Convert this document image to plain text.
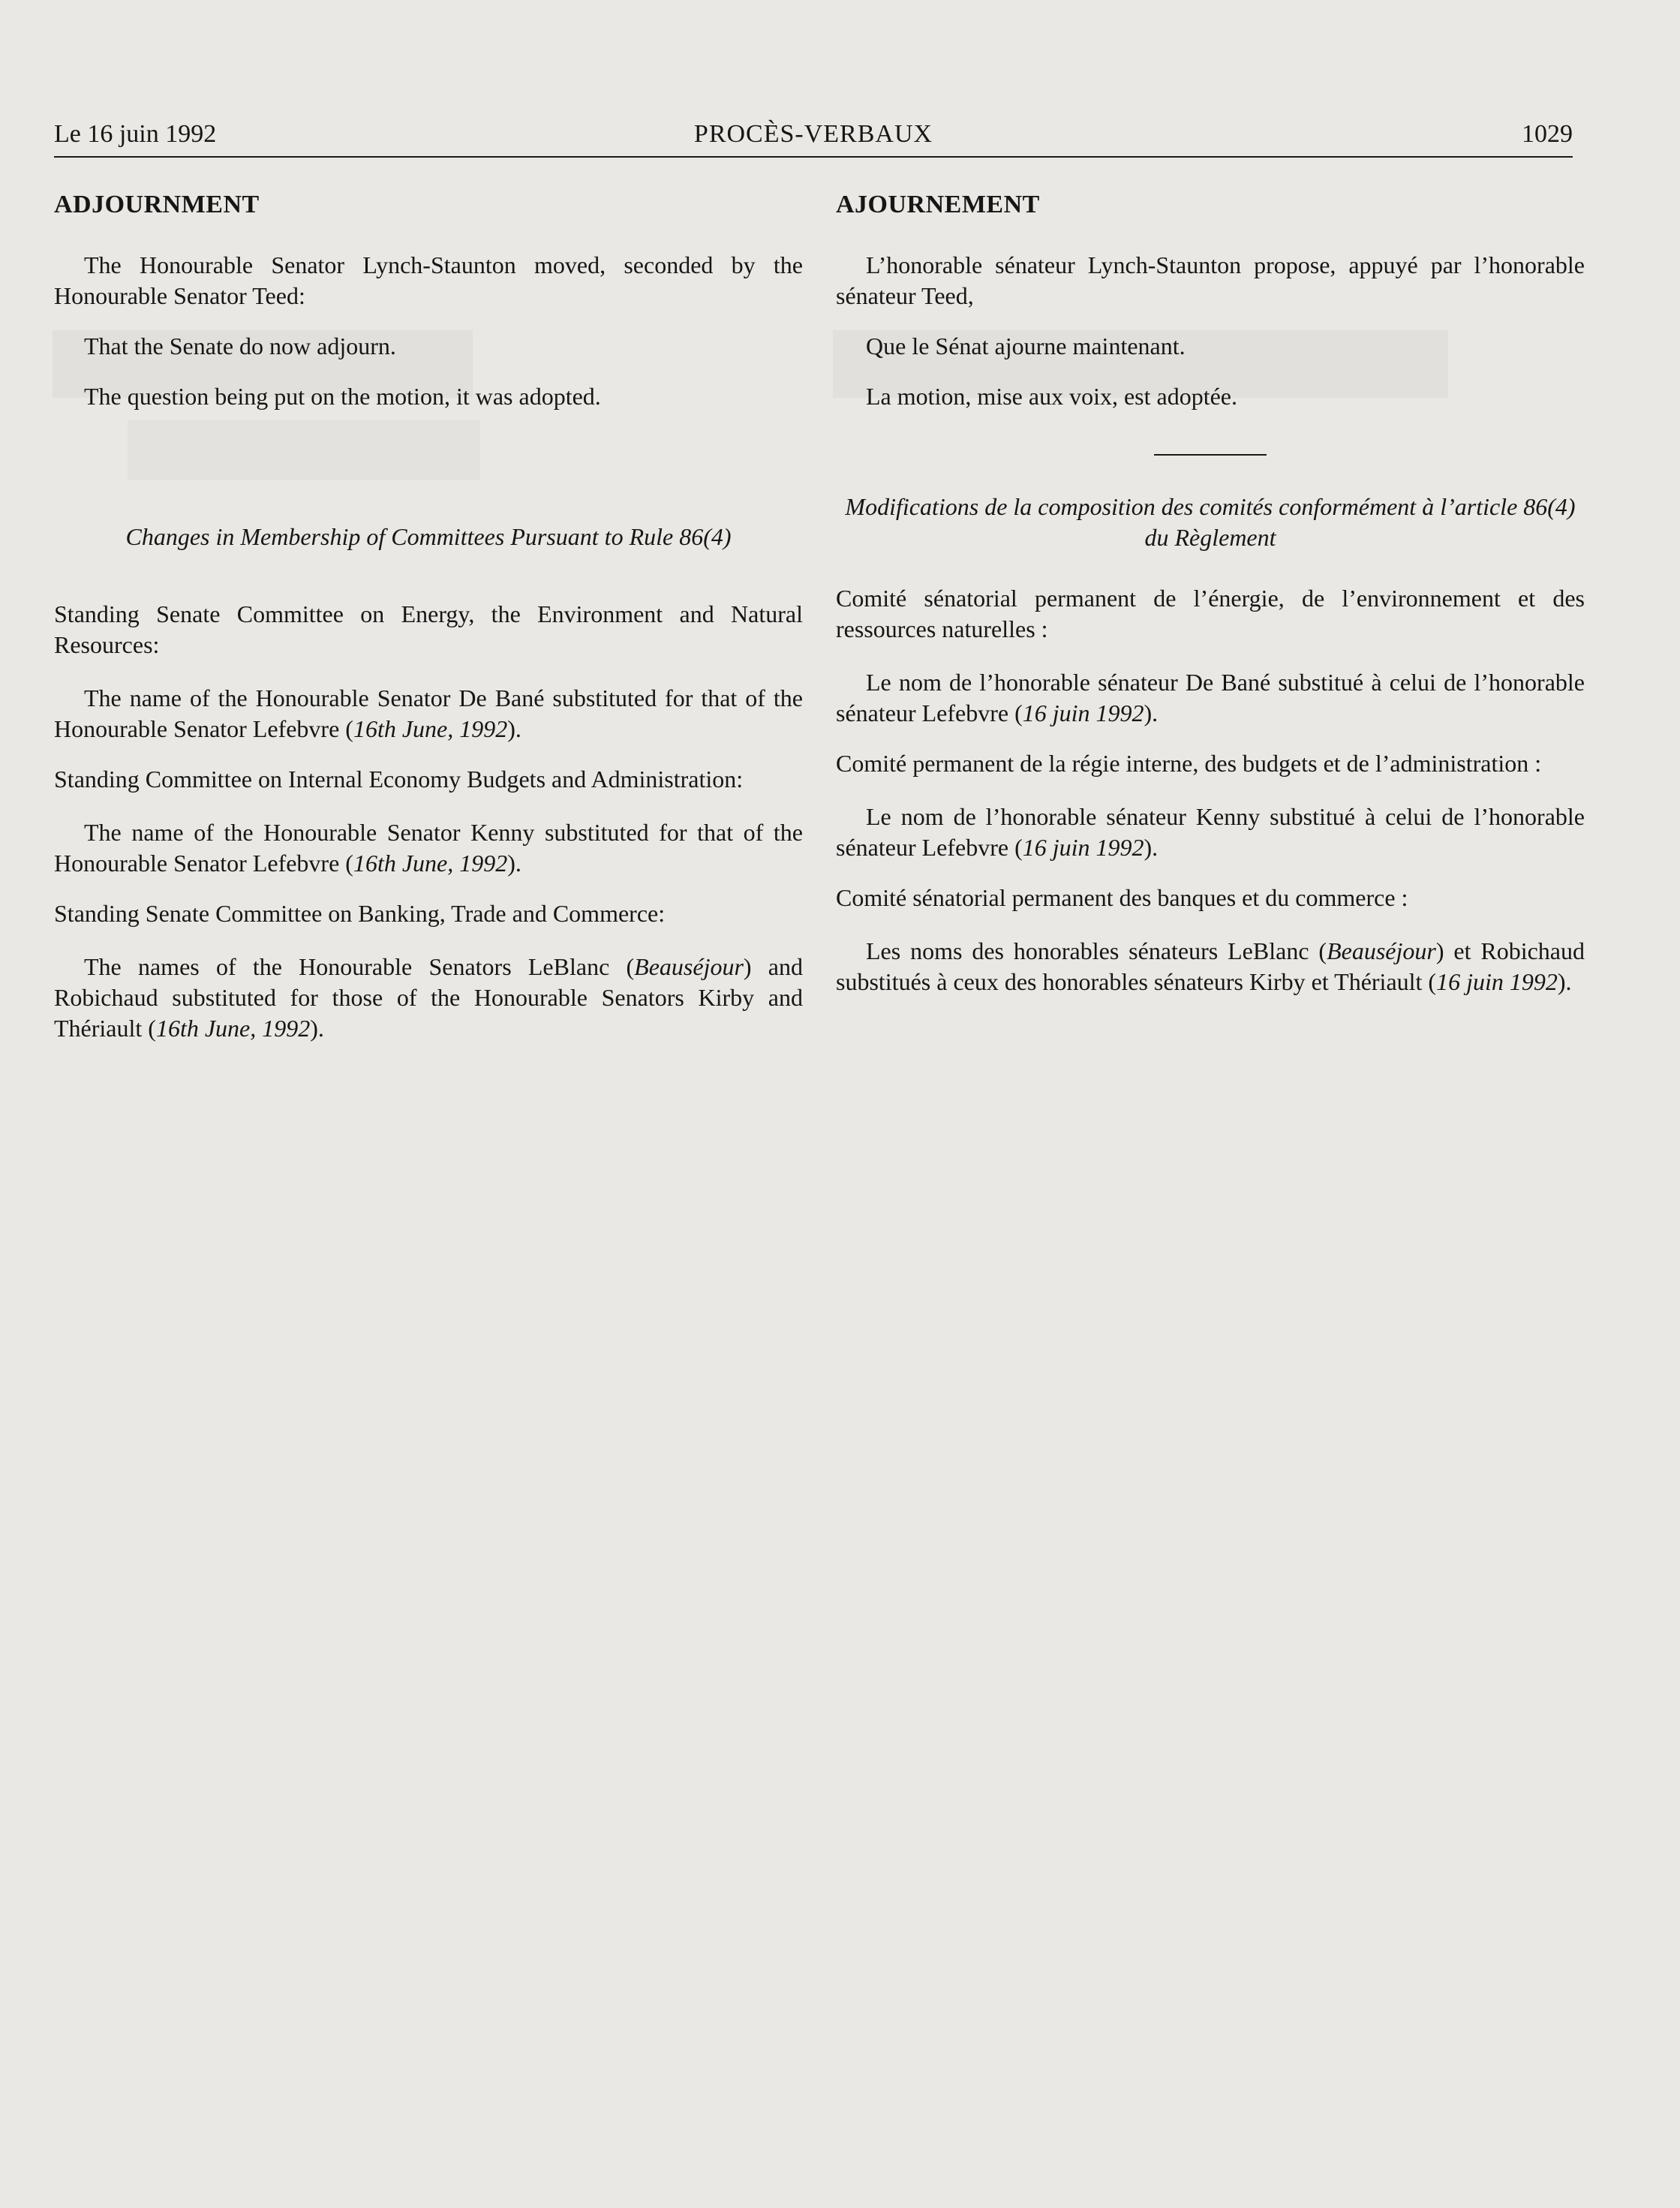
Le 16 juin 1992	PROCÈS-VERBAUX	1029
ADJOURNMENT

The Honourable Senator Lynch-Staunton moved, seconded by the Honourable Senator Teed:

That the Senate do now adjourn.

The question being put on the motion, it was adopted.

Changes in Membership of Committees Pursuant to Rule 86(4)

Standing Senate Committee on Energy, the Environment and Natural Resources:

The name of the Honourable Senator De Bané substituted for that of the Honourable Senator Lefebvre (16th June, 1992).

Standing Committee on Internal Economy Budgets and Administration:

The name of the Honourable Senator Kenny substituted for that of the Honourable Senator Lefebvre (16th June, 1992).

Standing Senate Committee on Banking, Trade and Commerce:

The names of the Honourable Senators LeBlanc (Beauséjour) and Robichaud substituted for those of the Honourable Senators Kirby and Thériault (16th June, 1992).

AJOURNEMENT

L’honorable sénateur Lynch-Staunton propose, appuyé par l’honorable sénateur Teed,

Que le Sénat ajourne maintenant.

La motion, mise aux voix, est adoptée.

Modifications de la composition des comités conformément à l’article 86(4) du Règlement

Comité sénatorial permanent de l’énergie, de l’environnement et des ressources naturelles :

Le nom de l’honorable sénateur De Bané substitué à celui de l’honorable sénateur Lefebvre (16 juin 1992).

Comité permanent de la régie interne, des budgets et de l’administration :

Le nom de l’honorable sénateur Kenny substitué à celui de l’honorable sénateur Lefebvre (16 juin 1992).

Comité sénatorial permanent des banques et du commerce :

Les noms des honorables sénateurs LeBlanc (Beauséjour) et Robichaud substitués à ceux des honorables sénateurs Kirby et Thériault (16 juin 1992).
